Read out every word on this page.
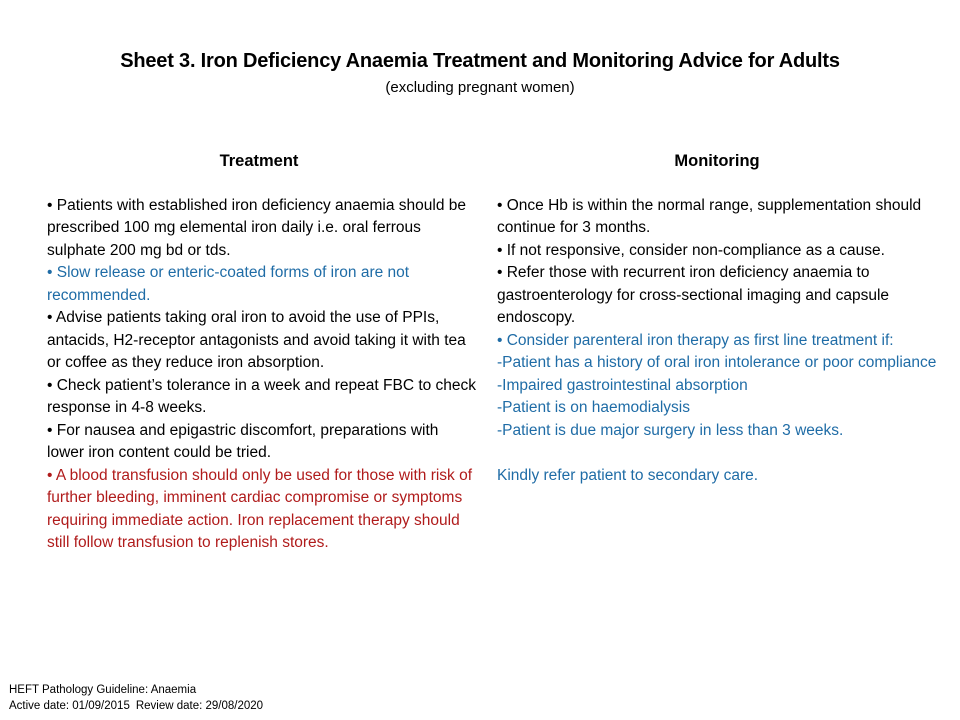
Sheet 3. Iron Deficiency Anaemia Treatment and Monitoring Advice for Adults
(excluding pregnant women)
Treatment

• Patients with established iron deficiency anaemia should be prescribed 100 mg elemental iron daily i.e. oral ferrous sulphate 200 mg bd or tds.

• Slow release or enteric-coated forms of iron are not recommended.

• Advise patients taking oral iron to avoid the use of PPIs, antacids, H2-receptor antagonists and avoid taking it with tea or coffee as they reduce iron absorption.

• Check patient’s tolerance in a week and repeat FBC to check response in 4-8 weeks.

• For nausea and epigastric discomfort, preparations with lower iron content could be tried.

• A blood transfusion should only be used for those with risk of further bleeding, imminent cardiac compromise or symptoms requiring immediate action. Iron replacement therapy should still follow transfusion to replenish stores.

Monitoring

• Once Hb is within the normal range, supplementation should continue for 3 months.

• If not responsive, consider non-compliance as a cause.

• Refer those with recurrent iron deficiency anaemia to gastroenterology for cross-sectional imaging and capsule endoscopy.

• Consider parenteral iron therapy as first line treatment if:

-Patient has a history of oral iron intolerance or poor compliance

-Impaired gastrointestinal absorption

-Patient is on haemodialysis

-Patient is due major surgery in less than 3 weeks.

Kindly refer patient to secondary care.

HEFT Pathology Guideline: Anaemia
Active date: 01/09/2015 Review date: 29/08/2020
